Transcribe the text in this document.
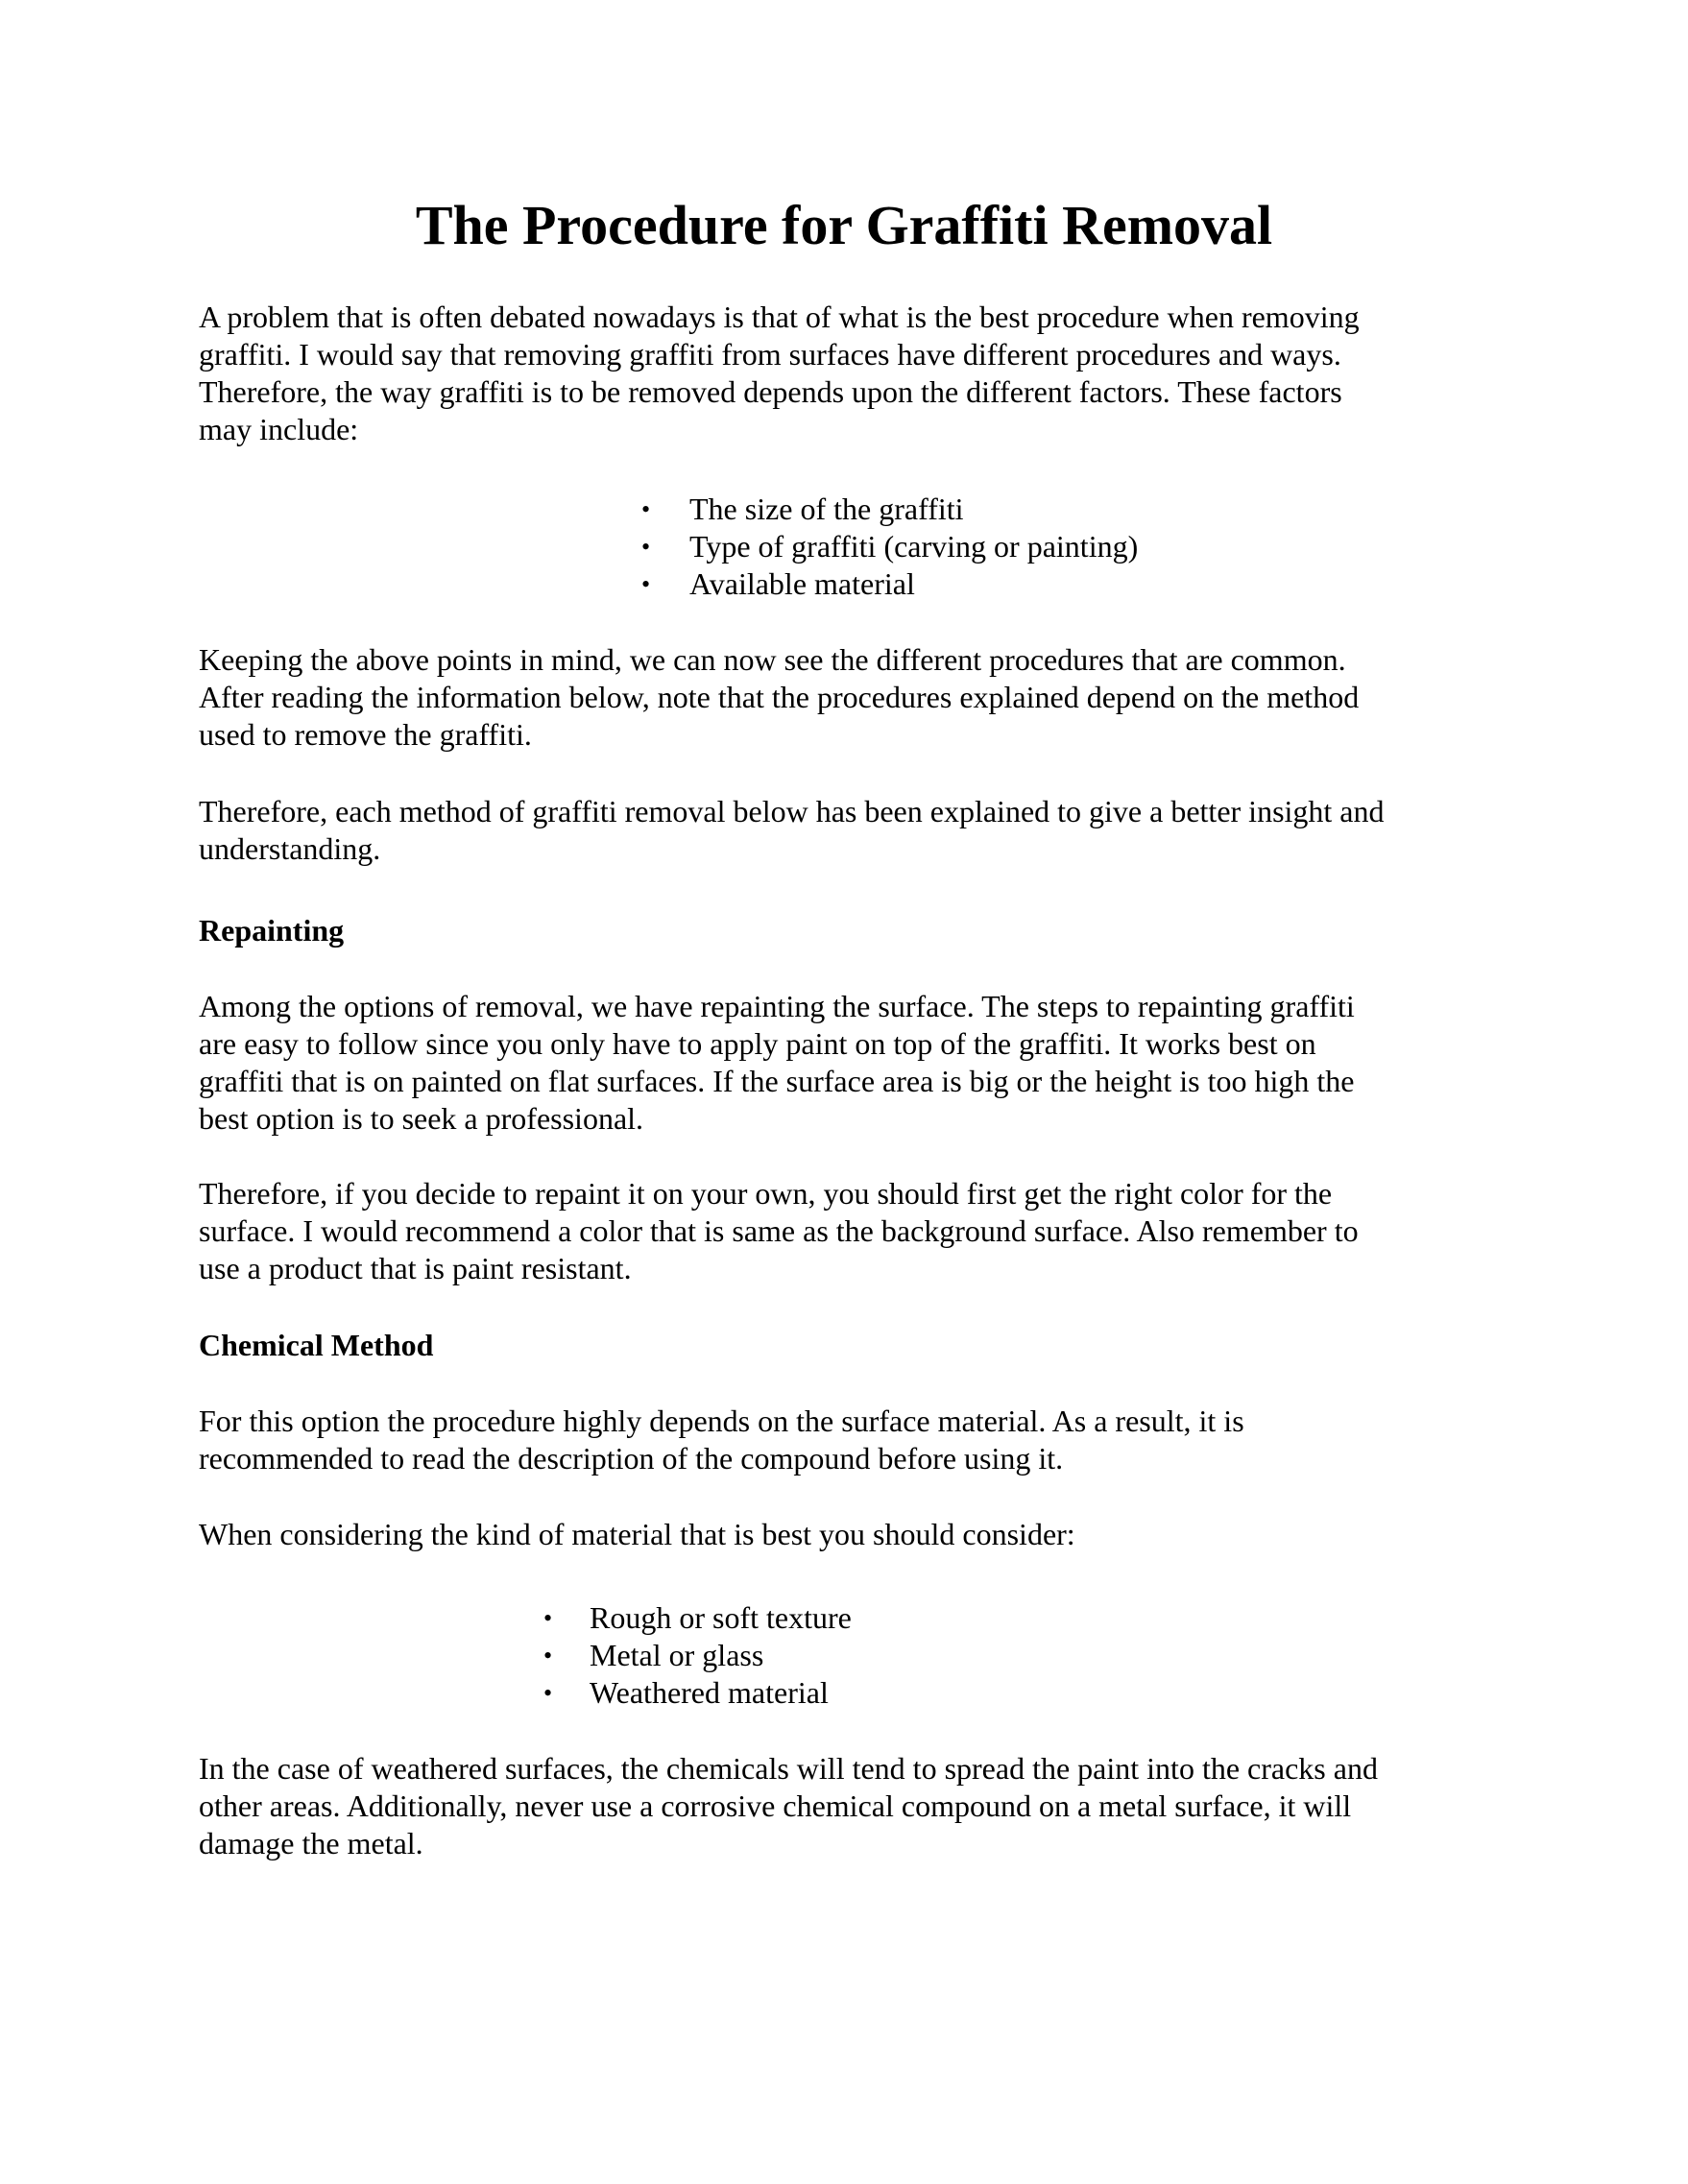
The Procedure for Graffiti Removal

A problem that is often debated nowadays is that of what is the best procedure when removing
graffiti. I would say that removing graffiti from surfaces have different procedures and ways.
Therefore, the way graffiti is to be removed depends upon the different factors. These factors
may include:

• The size of the graffiti
• Type of graffiti (carving or painting)
• Available material

Keeping the above points in mind, we can now see the different procedures that are common.
After reading the information below, note that the procedures explained depend on the method
used to remove the graffiti.

Therefore, each method of graffiti removal below has been explained to give a better insight and
understanding.

Repainting

Among the options of removal, we have repainting the surface. The steps to repainting graffiti
are easy to follow since you only have to apply paint on top of the graffiti. It works best on
graffiti that is on painted on flat surfaces. If the surface area is big or the height is too high the
best option is to seek a professional.

Therefore, if you decide to repaint it on your own, you should first get the right color for the
surface. I would recommend a color that is same as the background surface. Also remember to
use a product that is paint resistant.

Chemical Method

For this option the procedure highly depends on the surface material. As a result, it is
recommended to read the description of the compound before using it.

When considering the kind of material that is best you should consider:

• Rough or soft texture
• Metal or glass
• Weathered material

In the case of weathered surfaces, the chemicals will tend to spread the paint into the cracks and
other areas. Additionally, never use a corrosive chemical compound on a metal surface, it will
damage the metal.
